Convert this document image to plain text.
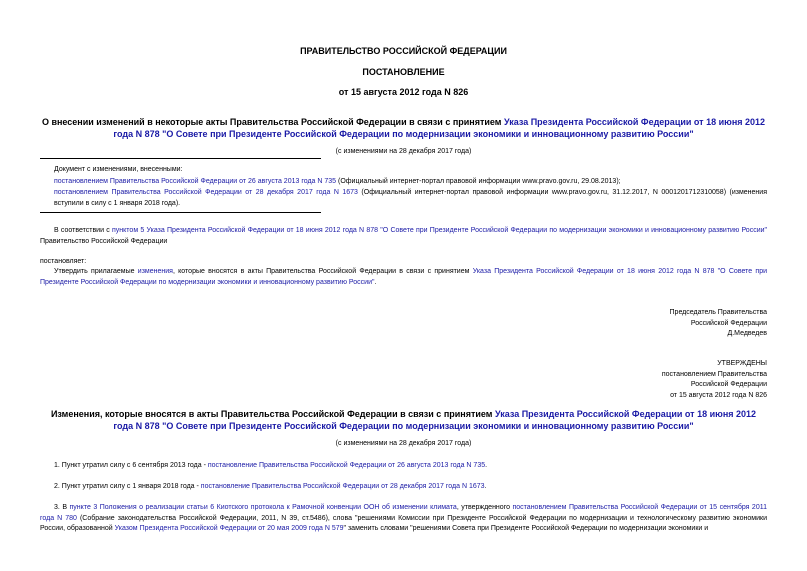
ПРАВИТЕЛЬСТВО РОССИЙСКОЙ ФЕДЕРАЦИИ
ПОСТАНОВЛЕНИЕ
от 15 августа 2012 года N 826
О внесении изменений в некоторые акты Правительства Российской Федерации в связи с принятием Указа Президента Российской Федерации от 18 июня 2012 года N 878 "О Совете при Президенте Российской Федерации по модернизации экономики и инновационному развитию России"
(с изменениями на 28 декабря 2017 года)
Документ с изменениями, внесенными:
постановлением Правительства Российской Федерации от 26 августа 2013 года N 735 (Официальный интернет-портал правовой информации www.pravo.gov.ru, 29.08.2013);
постановлением Правительства Российской Федерации от 28 декабря 2017 года N 1673 (Официальный интернет-портал правовой информации www.pravo.gov.ru, 31.12.2017, N 0001201712310058) (изменения вступили в силу с 1 января 2018 года).
В соответствии с пунктом 5 Указа Президента Российской Федерации от 18 июня 2012 года N 878 "О Совете при Президенте Российской Федерации по модернизации экономики и инновационному развитию России" Правительство Российской Федерации
постановляет:
Утвердить прилагаемые изменения, которые вносятся в акты Правительства Российской Федерации в связи с принятием Указа Президента Российской Федерации от 18 июня 2012 года N 878 "О Совете при Президенте Российской Федерации по модернизации экономики и инновационному развитию России".
Председатель Правительства
Российской Федерации
Д.Медведев
УТВЕРЖДЕНЫ
постановлением Правительства
Российской Федерации
от 15 августа 2012 года N 826
Изменения, которые вносятся в акты Правительства Российской Федерации в связи с принятием Указа Президента Российской Федерации от 18 июня 2012 года N 878 "О Совете при Президенте Российской Федерации по модернизации экономики и инновационному развитию России"
(с изменениями на 28 декабря 2017 года)
1. Пункт утратил силу с 6 сентября 2013 года - постановление Правительства Российской Федерации от 26 августа 2013 года N 735.
2. Пункт утратил силу с 1 января 2018 года - постановление Правительства Российской Федерации от 28 декабря 2017 года N 1673.
3. В пункте 3 Положения о реализации статьи 6 Киотского протокола к Рамочной конвенции ООН об изменении климата, утвержденного постановлением Правительства Российской Федерации от 15 сентября 2011 года N 780 (Собрание законодательства Российской Федерации, 2011, N 39, ст.5486), слова "решениями Комиссии при Президенте Российской Федерации по модернизации и технологическому развитию экономики России, образованной Указом Президента Российской Федерации от 20 мая 2009 года N 579" заменить словами "решениями Совета при Президенте Российской Федерации по модернизации экономики и
